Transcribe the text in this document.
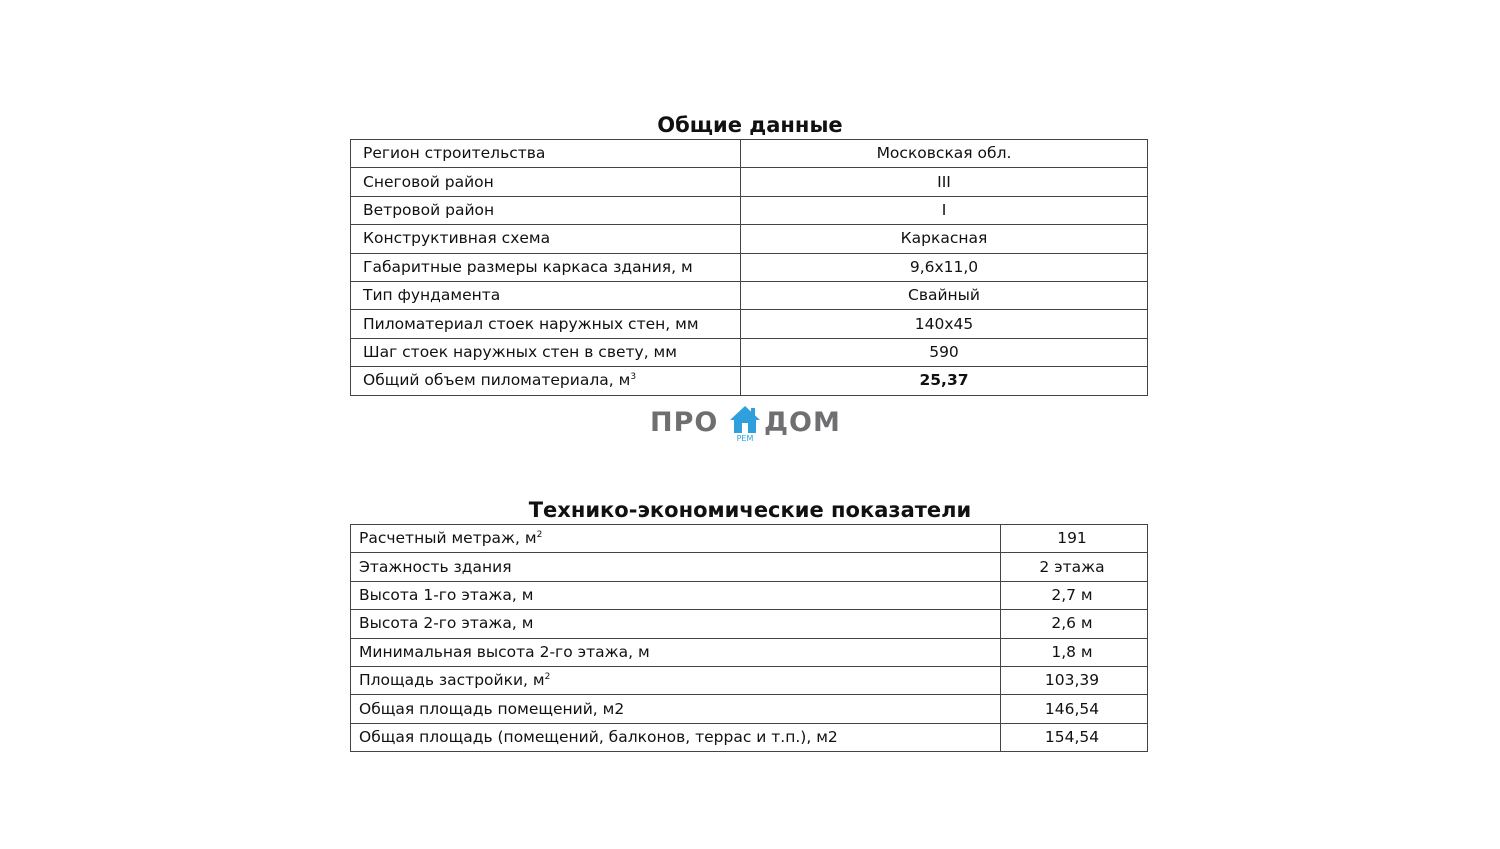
Общие данные
Регион строительства	Московская обл.
Снеговой район	III
Ветровой район	I
Конструктивная схема	Каркасная
Габаритные размеры каркаса здания, м	9,6х11,0
Тип фундамента	Свайный
Пиломатериал стоек наружных стен, мм	140х45
Шаг стоек наружных стен в свету, мм	590
Общий объем пиломатериала, $м^3$	25,37
ПРО
РЕМ
ДОМ
Технико-экономические показатели
Расчетный метраж, $м^2$	191
Этажность здания	2 этажа
Высота 1-го этажа, м	2,7 м
Высота 2-го этажа, м	2,6 м
Минимальная высота 2-го этажа, м	1,8 м
Площадь застройки, $м^2$	103,39
Общая площадь помещений, м2	146,54
Общая площадь (помещений, балконов, террас и т.п.), м2	154,54
